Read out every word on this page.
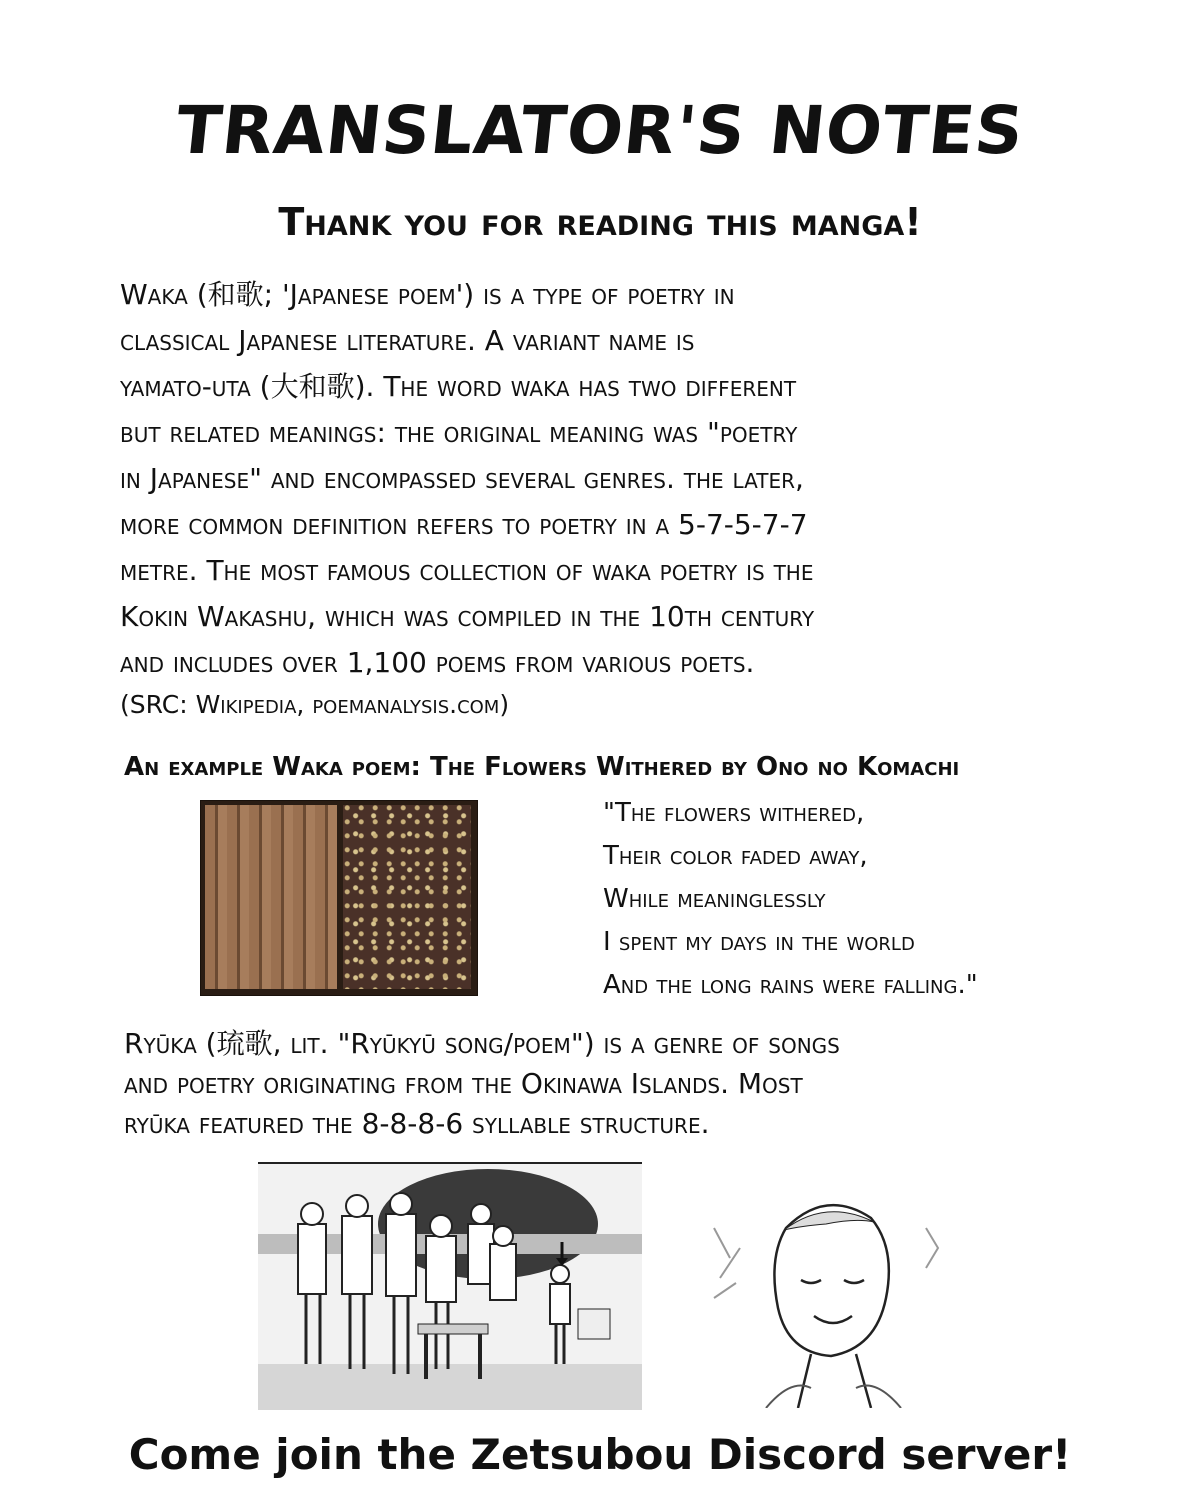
TRANSLATOR'S NOTES
Thank you for reading this manga!
Waka (和歌; 'Japanese poem') is a type of poetry in
classical Japanese literature. A variant name is
yamato-uta (大和歌). The word waka has two different
but related meanings: the original meaning was "poetry
in Japanese" and encompassed several genres. the later,
more common definition refers to poetry in a 5-7-5-7-7
metre. The most famous collection of waka poetry is the
Kokin Wakashu, which was compiled in the 10th century
and includes over 1,100 poems from various poets.
(SRC: Wikipedia, poemanalysis.com)
An example Waka poem: The Flowers Withered by Ono no Komachi
"The flowers withered,
Their color faded away,
While meaninglessly
I spent my days in the world
And the long rains were falling."
Ryūka (琉歌, lit. "Ryūkyū song/poem") is a genre of songs
and poetry originating from the Okinawa Islands. Most
ryūka featured the 8-8-8-6 syllable structure.
Come join the Zetsubou Discord server!
